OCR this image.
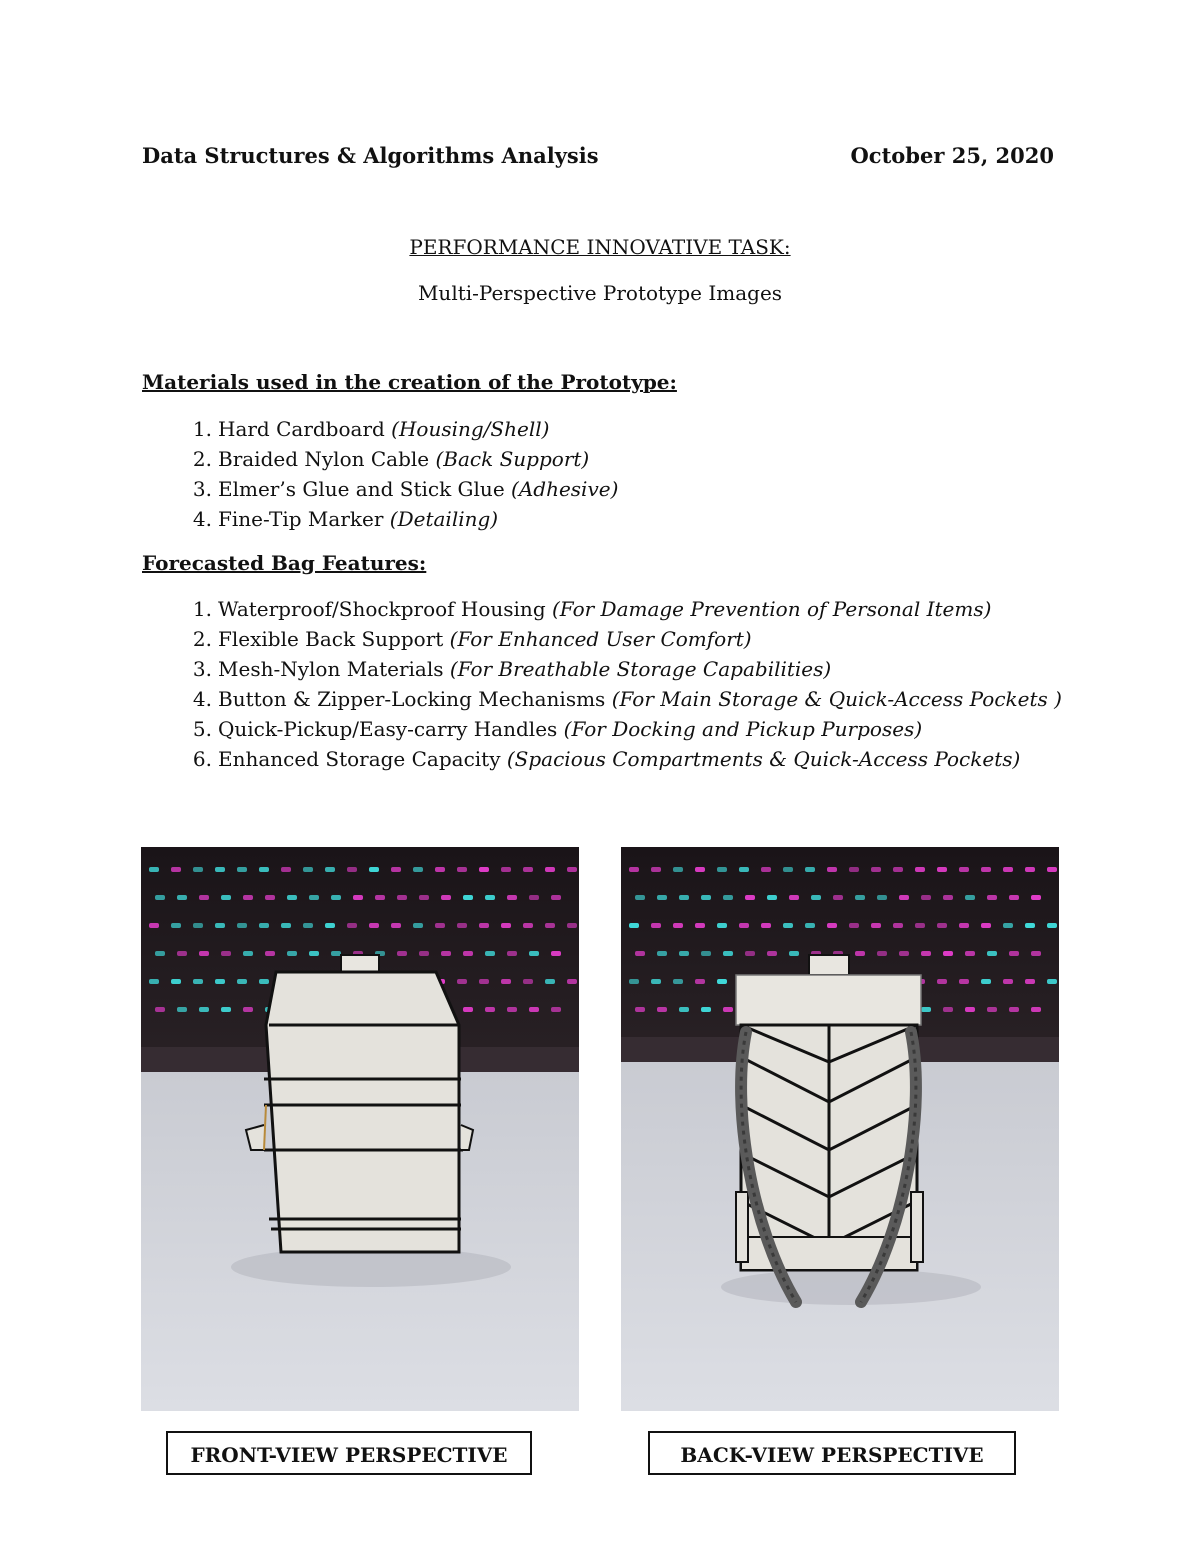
Data Structures & Algorithms Analysis	October 25, 2020
PERFORMANCE INNOVATIVE TASK:
Multi-Perspective Prototype Images
Materials used in the creation of the Prototype:
1. Hard Cardboard (Housing/Shell)
2. Braided Nylon Cable (Back Support)
3. Elmer’s Glue and Stick Glue (Adhesive)
4. Fine-Tip Marker (Detailing)
Forecasted Bag Features:
1. Waterproof/Shockproof Housing (For Damage Prevention of Personal Items)
2. Flexible Back Support (For Enhanced User Comfort)
3. Mesh-Nylon Materials (For Breathable Storage Capabilities)
4. Button & Zipper-Locking Mechanisms (For Main Storage & Quick-Access Pockets )
5. Quick-Pickup/Easy-carry Handles (For Docking and Pickup Purposes)
6. Enhanced Storage Capacity (Spacious Compartments & Quick-Access Pockets)
FRONT-VIEW PERSPECTIVE	BACK-VIEW PERSPECTIVE
